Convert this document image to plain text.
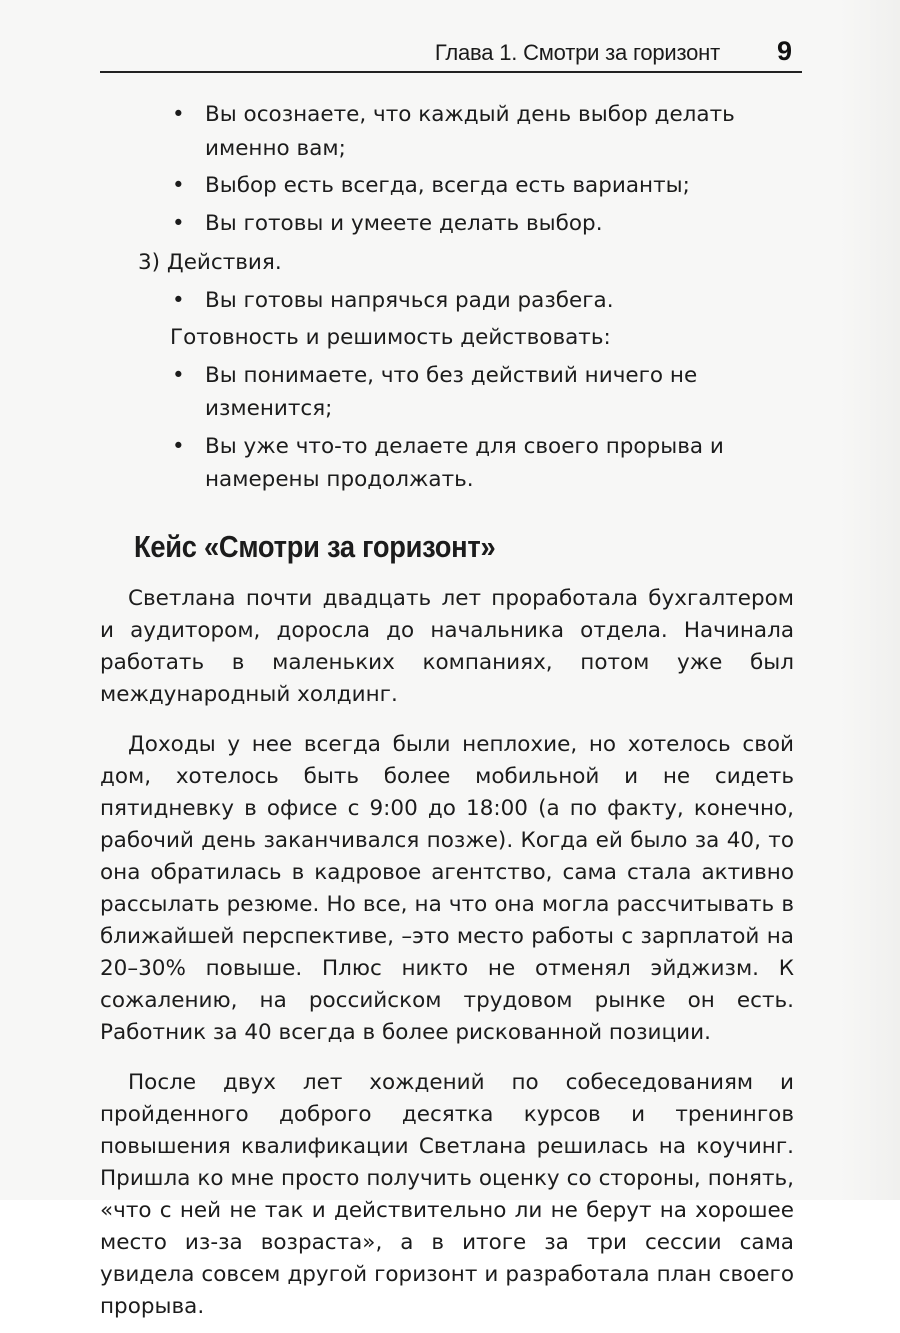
Глава 1. Смотри за горизонт 9
• Вы осознаете, что каждый день выбор делать именно вам;
• Выбор есть всегда, всегда есть варианты;
• Вы готовы и умеете делать выбор.
3) Действия.
• Вы готовы напрячься ради разбега.
Готовность и решимость действовать:
• Вы понимаете, что без действий ничего не изменится;
• Вы уже что-то делаете для своего прорыва и намерены продолжать.
Кейс «Смотри за горизонт»

Светлана почти двадцать лет проработала бухгалтером и аудитором, доросла до начальника отдела. Начинала работать в маленьких компаниях, потом уже был международный холдинг.

Доходы у нее всегда были неплохие, но хотелось свой дом, хотелось быть более мобильной и не сидеть пятидневку в офисе с 9:00 до 18:00 (а по факту, конечно, рабочий день заканчивался позже). Когда ей было за 40, то она обратилась в кадровое агентство, сама стала активно рассылать резюме. Но все, на что она могла рассчитывать в ближайшей перспективе, –это место работы с зарплатой на 20–30% повыше. Плюс никто не отменял эйджизм. К сожалению, на российском трудовом рынке он есть. Работник за 40 всегда в более рискованной позиции.

После двух лет хождений по собеседованиям и пройденного доброго десятка курсов и тренингов повышения квалификации Светлана решилась на коучинг. Пришла ко мне просто получить оценку со стороны, понять, «что с ней не так и действительно ли не берут на хорошее место из-за возраста», а в итоге за три сессии сама увидела совсем другой горизонт и разработала план своего прорыва.
